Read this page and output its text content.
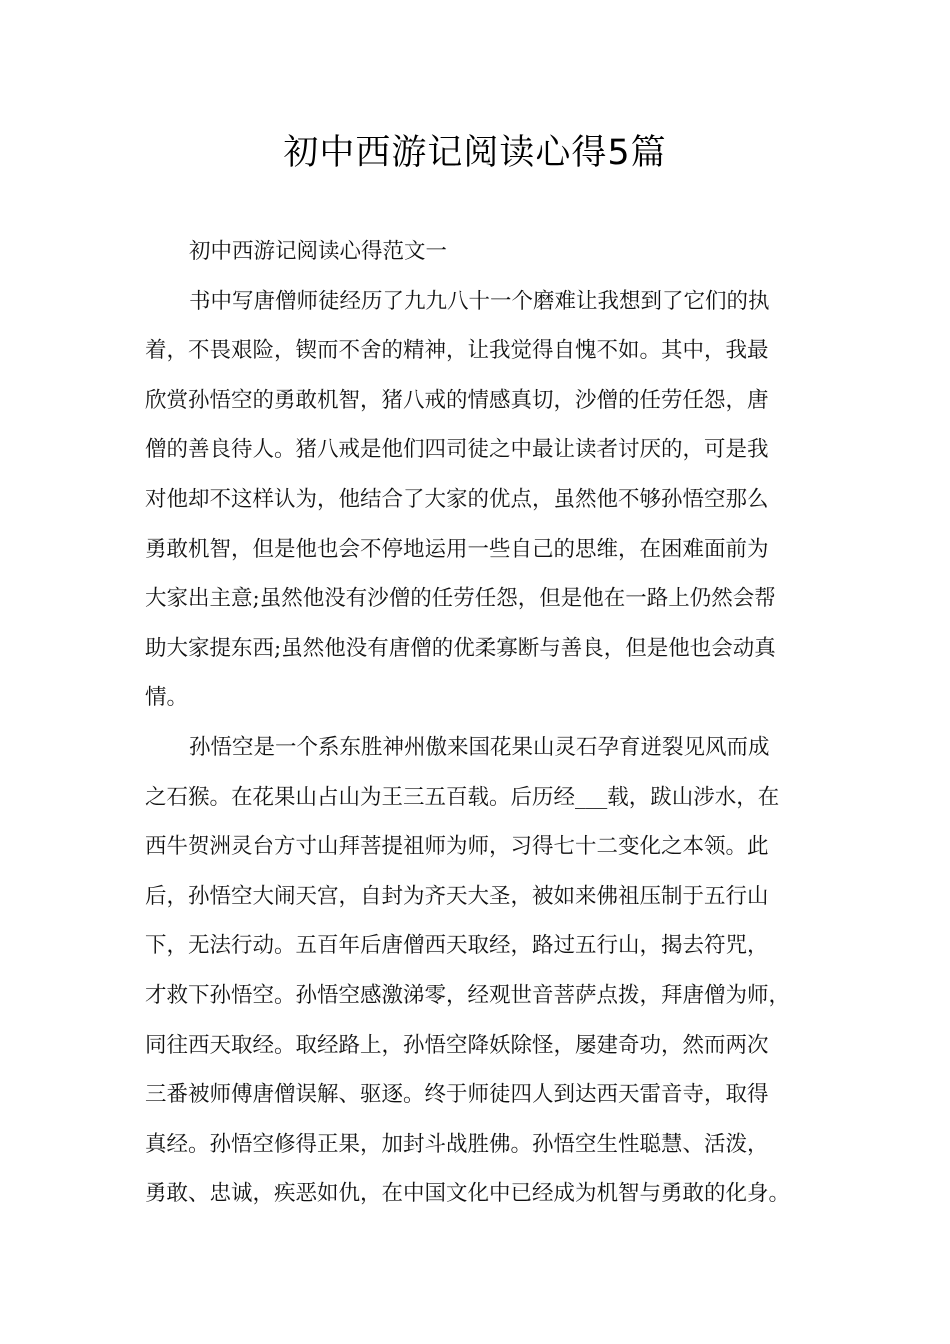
初中西游记阅读心得5篇
初中西游记阅读心得范文一
书中写唐僧师徒经历了九九八十一个磨难让我想到了它们的执
着，不畏艰险，锲而不舍的精神，让我觉得自愧不如。其中，我最
欣赏孙悟空的勇敢机智，猪八戒的情感真切，沙僧的任劳任怨，唐
僧的善良待人。猪八戒是他们四司徒之中最让读者讨厌的，可是我
对他却不这样认为，他结合了大家的优点，虽然他不够孙悟空那么
勇敢机智，但是他也会不停地运用一些自己的思维，在困难面前为
大家出主意;虽然他没有沙僧的任劳任怨，但是他在一路上仍然会帮
助大家提东西;虽然他没有唐僧的优柔寡断与善良，但是他也会动真
情。
孙悟空是一个系东胜神州傲来国花果山灵石孕育迸裂见风而成
之石猴。在花果山占山为王三五百载。后历经___载，跋山涉水，在
西牛贺洲灵台方寸山拜菩提祖师为师，习得七十二变化之本领。此
后，孙悟空大闹天宫，自封为齐天大圣，被如来佛祖压制于五行山
下，无法行动。五百年后唐僧西天取经，路过五行山，揭去符咒，
才救下孙悟空。孙悟空感激涕零，经观世音菩萨点拨，拜唐僧为师，
同往西天取经。取经路上，孙悟空降妖除怪，屡建奇功，然而两次
三番被师傅唐僧误解、驱逐。终于师徒四人到达西天雷音寺，取得
真经。孙悟空修得正果，加封斗战胜佛。孙悟空生性聪慧、活泼，
勇敢、忠诚，疾恶如仇，在中国文化中已经成为机智与勇敢的化身。
